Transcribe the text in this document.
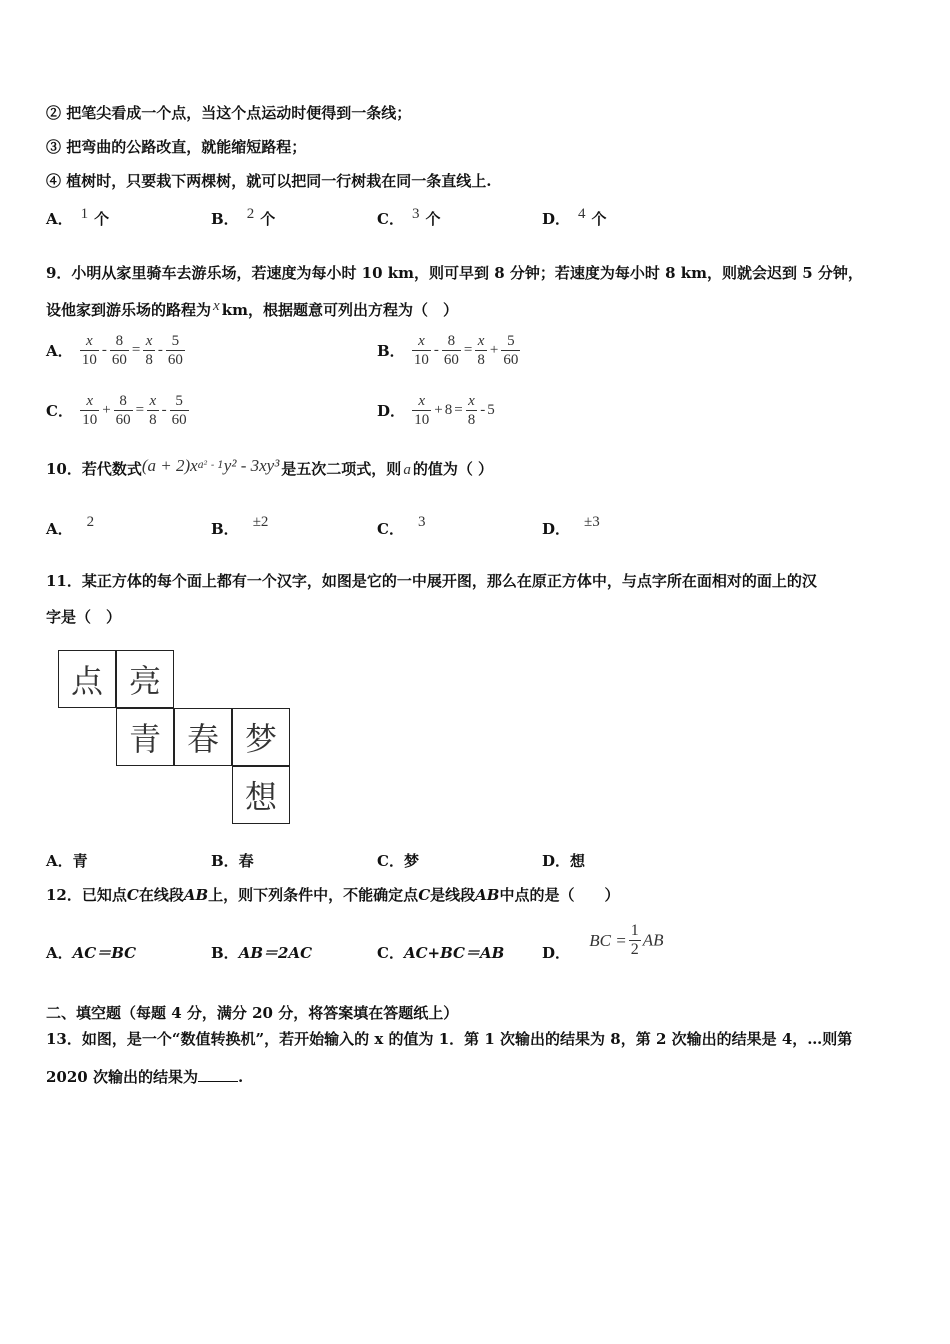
② 把笔尖看成一个点，当这个点运动时便得到一条线；
③ 把弯曲的公路改直，就能缩短路程；
④ 植树时，只要栽下两棵树，就可以把同一行树栽在同一条直线上.
A． 1 个	B． 2 个	C． 3 个	D． 4 个
9．小明从家里骑车去游乐场，若速度为每小时 10 km，则可早到 8 分钟；若速度为每小时 8 km，则就会迟到 5 分钟，
设他家到游乐场的路程为 x km，根据题意可列出方程为（　）
A． $\frac{x}{10} - \frac{8}{60} = \frac{x}{8} - \frac{5}{60}$	B． $\frac{x}{10} - \frac{8}{60} = \frac{x}{8} + \frac{5}{60}$
C． $\frac{x}{10} + \frac{8}{60} = \frac{x}{8} - \frac{5}{60}$	D． $\frac{x}{10} + 8 = \frac{x}{8} - 5$
10．若代数式$(a + 2)x^{a^2 - 1}y^2 - 3xy^3$ 是五次二项式，则 a 的值为（ ）
A． 2	B． ±2	C． 3	D． ±3
11．某正方体的每个面上都有一个汉字，如图是它的一中展开图，那么在原正方体中，与点字所在面相对的面上的汉
字是（　）
点 亮
青 春 梦
想
A．青	B．春	C．梦	D．想
12．已知点C在线段AB上，则下列条件中，不能确定点C是线段AB中点的是（　　）
A．AC＝BC	B．AB＝2AC	C．AC+BC＝AB	D． BC = $\frac{1}{2}$ AB
二、填空题（每题 4 分，满分 20 分，将答案填在答题纸上）
13．如图，是一个“数值转换机”，若开始输入的 x 的值为 1．第 1 次输出的结果为 8，第 2 次输出的结果是 4，…则第
2020 次输出的结果为	.
